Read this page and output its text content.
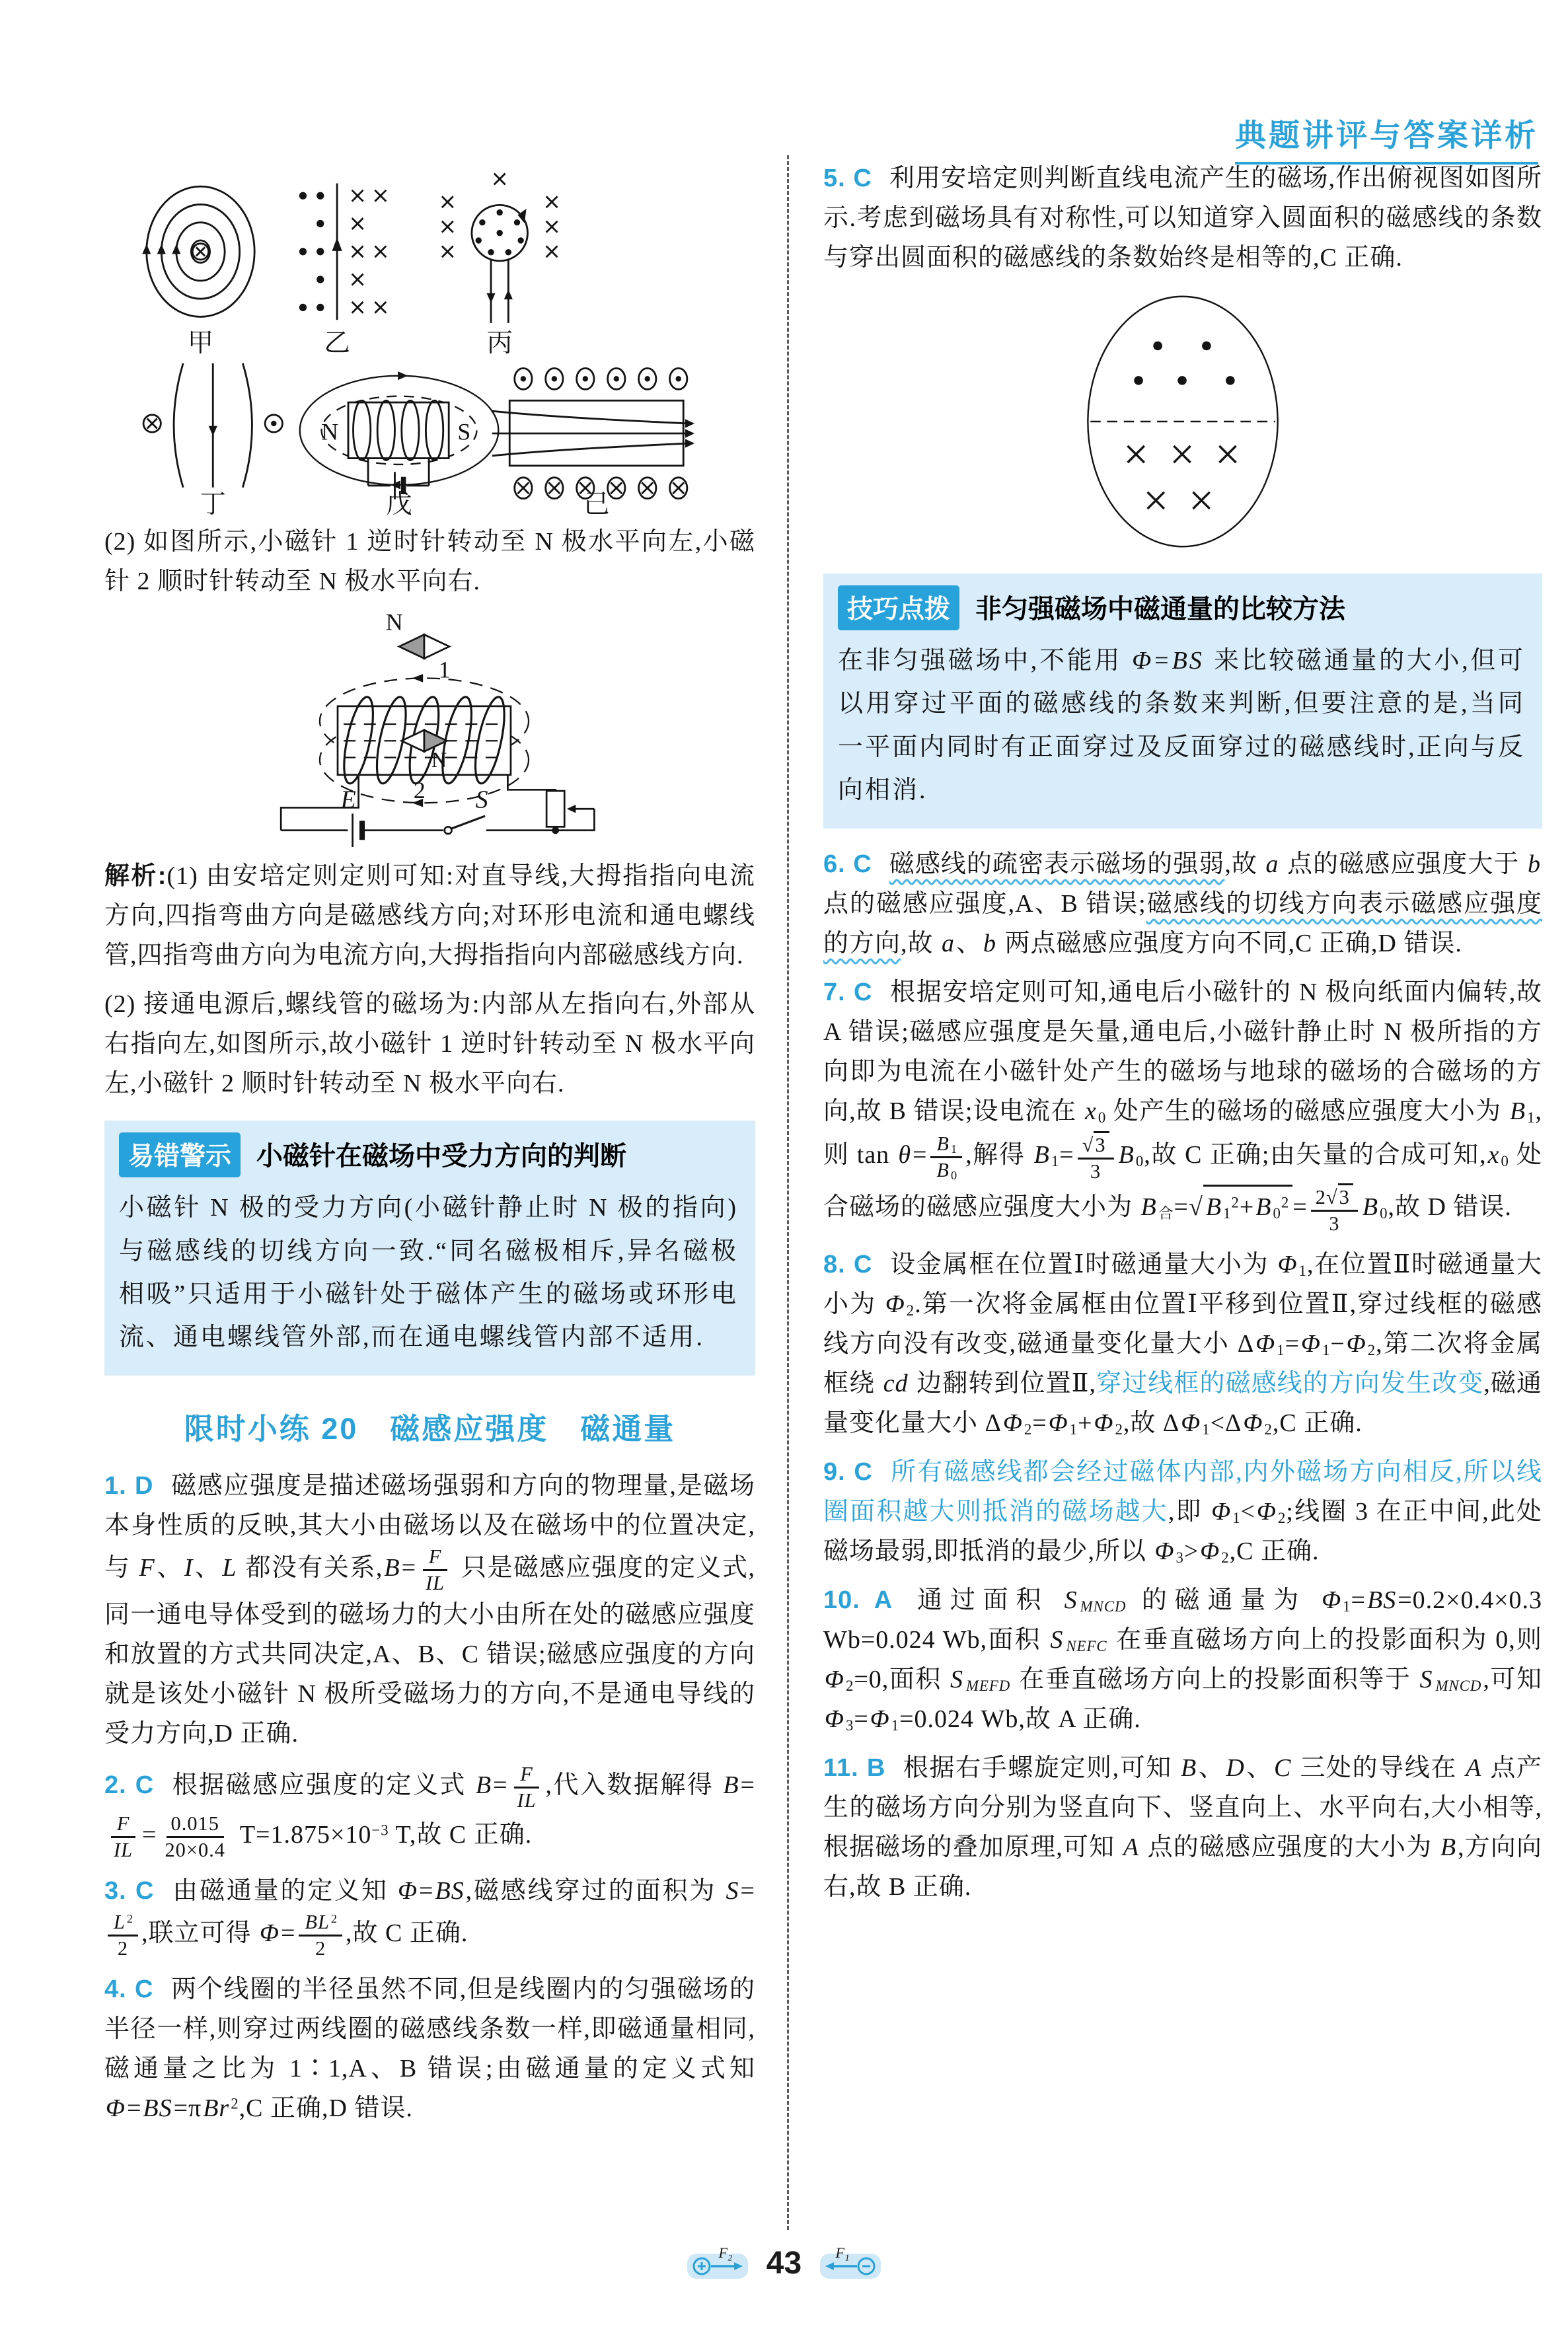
典题讲评与答案详析
甲	乙	丙
N	S
丁	戊	己

(2) 如图所示,小磁针 1 逆时针转动至 N 极水平向左,小磁针 2 顺时针转动至 N 极水平向右.

N
1
N
2
E	S

解析:(1) 由安培定则定则可知:对直导线,大拇指指向电流方向,四指弯曲方向是磁感线方向;对环形电流和通电螺线管,四指弯曲方向为电流方向,大拇指指向内部磁感线方向.

(2) 接通电源后,螺线管的磁场为:内部从左指向右,外部从右指向左,如图所示,故小磁针 1 逆时针转动至 N 极水平向左,小磁针 2 顺时针转动至 N 极水平向右.

易错警示 小磁针在磁场中受力方向的判断
小磁针 N 极的受力方向(小磁针静止时 N 极的指向)与磁感线的切线方向一致.“同名磁极相斥,异名磁极相吸”只适用于小磁针处于磁体产生的磁场或环形电流、通电螺线管外部,而在通电螺线管内部不适用.
限时小练 20　磁感应强度　磁通量

1. D 磁感应强度是描述磁场强弱和方向的物理量,是磁场本身性质的反映,其大小由磁场以及在磁场中的位置决定,与 F、I、L 都没有关系$,B= \frac{F}{IL}$ 只是磁感应强度的定义式,同一通电导体受到的磁场力的大小由所在处的磁感应强度和放置的方式共同决定,A、B、C 错误;磁感应强度的方向就是该处小磁针 N 极所受磁场力的方向,不是通电导线的受力方向,D 正确.

2. C 根据磁感应强度的定义式 $B= \frac{F}{IL}$ ,代入数据解得 B=
$\frac{F}{IL} = \frac{0.015}{20\times 0.4} T=1.875\times 10^{-3}$ T,故 C 正确.

3. C 由磁通量的定义知 Φ=BS,磁感线穿过的面积为 S=
$\frac{L ^2}{2}$ ,联立可得 $\Phi= \frac{BL ^2}{2}$ ,故 C 正确.

4. C 两个线圈的半径虽然不同,但是线圈内的匀强磁场的半径一样,则穿过两线圈的磁感线条数一样,即磁通量相同,磁通量之比为 1∶1,A、B 错误;由磁通量的定义式知 Φ=BS=πBr$^2$,C 正确,D 错误.

5. C 利用安培定则判断直线电流产生的磁场,作出俯视图如图所示.考虑到磁场具有对称性,可以知道穿入圆面积的磁感线的条数与穿出圆面积的磁感线的条数始终是相等的,C 正确.

技巧点拨 非匀强磁场中磁通量的比较方法
在非匀强磁场中,不能用 Φ=BS 来比较磁通量的大小,但可以用穿过平面的磁感线的条数来判断,但要注意的是,当同一平面内同时有正面穿过及反面穿过的磁感线时,正向与反向相消.

6. C 磁感线的疏密表示磁场的强弱,故 a 点的磁感应强度大于 b 点的磁感应强度,A、B 错误;磁感线的切线方向表示磁感应强度的方向,故 a、b 两点磁感应强度方向不同,C 正确,D 错误.

7. C 根据安培定则可知,通电后小磁针的 N 极向纸面内偏转,故 A 错误;磁感应强度是矢量,通电后,小磁针静止时 N 极所指的方向即为电流在小磁针处产生的磁场与地球的磁场的合磁场的方向,故 B 错误;设电流在 $x_0$ 处产生的磁场的磁感应强度大小为 $B_1$,则 $\tan \theta= \frac{B _1}{B _0}$ ,解得 $B_1= \frac{√ 3}{3} B_0$,故 C 正确;由矢量的合成可知$,x_0$ 处合磁场的磁感应强度大小为 $B_合=$ √ $B_1^2+B_0^2 = \frac{2 √ 3}{3} B_0$,故 D 错误.

8. C 设金属框在位置Ⅰ时磁通量大小为 $\Phi_1$,在位置Ⅱ时磁通量大小为 $\Phi_2$.第一次将金属框由位置Ⅰ平移到位置Ⅱ,穿过线框的磁感线方向没有改变,磁通量变化量大小 $\Delta\Phi_1=\Phi_1-\Phi_2$,第二次将金属框绕 cd 边翻转到位置Ⅱ,穿过线框的磁感线的方向发生改变,磁通量变化量大小 $\Delta\Phi_2=\Phi_1+\Phi_2$,故 $\Delta\Phi_1<\Delta\Phi_2,C$ 正确.

9. C 所有磁感线都会经过磁体内部,内外磁场方向相反,所以线圈面积越大则抵消的磁场越大,即 $\Phi_1<\Phi_2$;线圈 3 在正中间,此处磁场最弱,即抵消的最少,所以 $\Phi_3>\Phi_2,C$ 正确.

10. A 通过面积 S $_{MNCD}$ 的磁通量为 $\Phi_1=BS=0.2\times 0.4\times 0.3$ Wb=0.024 Wb,面积 S $_{NEFC}$ 在垂直磁场方向上的投影面积为 0,则 $\Phi_2=0$,面积 S $_{MEFD}$ 在垂直磁场方向上的投影面积等于 S $_{MNCD}$,可知 $\Phi_3=\Phi_1=0.024$ Wb,故 A 正确.

11. B 根据右手螺旋定则,可知 B、D、C 三处的导线在 A 点产生的磁场方向分别为竖直向下、竖直向上、水平向右,大小相等,根据磁场的叠加原理,可知 A 点的磁感应强度的大小为 B,方向向右,故 B 正确.

F₂ 43 F₁
